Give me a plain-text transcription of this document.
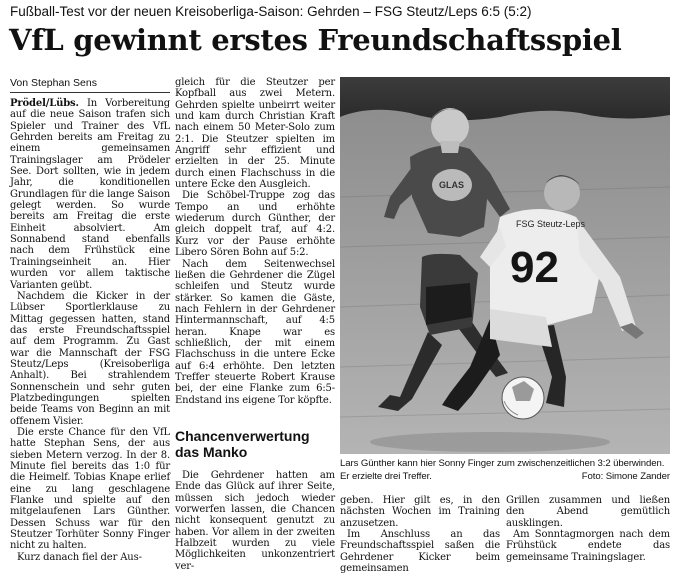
Fußball-Test vor der neuen Kreisoberliga-Saison: Gehrden – FSG Steutz/Leps 6:5 (5:2)
VfL gewinnt erstes Freundschaftsspiel
Von Stephan Sens

Prödel/Lübs. In Vorbereitung auf die neue Saison trafen sich Spieler und Trainer des VfL Gehrden bereits am Freitag zu einem gemeinsamen Trainingslager am Prödeler See. Dort sollten, wie in jedem Jahr, die konditionellen Grundlagen für die lange Saison gelegt werden. So wurde bereits am Freitag die erste Einheit absolviert. Am Sonnabend stand ebenfalls nach dem Frühstück eine Trainingseinheit an. Hier wurden vor allem taktische Varianten geübt.

Nachdem die Kicker in der Lübser Sportlerklause zu Mittag gegessen hatten, stand das erste Freundschaftsspiel auf dem Programm. Zu Gast war die Mannschaft der FSG Steutz/Leps (Kreisoberliga Anhalt). Bei strahlendem Sonnenschein und sehr guten Platzbedingungen spielten beide Teams von Beginn an mit offenem Visier.

Die erste Chance für den VfL hatte Stephan Sens, der aus sieben Metern verzog. In der 8. Minute fiel bereits das 1:0 für die Heimelf. Tobias Knape erlief eine zu lang geschlagene Flanke und spielte auf den mitgelaufenen Lars Günther. Dessen Schuss war für den Steutzer Torhüter Sonny Finger nicht zu halten.

Kurz danach fiel der Aus-

gleich für die Steutzer per Kopfball aus zwei Metern. Gehrden spielte unbeirrt weiter und kam durch Christian Kraft nach einem 50 Meter-Solo zum 2:1. Die Steutzer spielten im Angriff sehr effizient und erzielten in der 25. Minute durch einen Flachschuss in die untere Ecke den Ausgleich.

Die Schöbel-Truppe zog das Tempo an und erhöhte wiederum durch Günther, der gleich doppelt traf, auf 4:2. Kurz vor der Pause erhöhte Libero Sören Bohn auf 5:2.

Nach dem Seitenwechsel ließen die Gehrdener die Zügel schleifen und Steutz wurde stärker. So kamen die Gäste, nach Fehlern in der Gehrdener Hintermannschaft, auf 4:5 heran. Knape war es schließlich, der mit einem Flachschuss in die untere Ecke auf 6:4 erhöhte. Den letzten Treffer steuerte Robert Krause bei, der eine Flanke zum 6:5-Endstand ins eigene Tor köpfte.

Chancenverwertung das Manko

Die Gehrdener hatten am Ende das Glück auf ihrer Seite, müssen sich jedoch wieder vorwerfen lassen, die Chancen nicht konsequent genutzt zu haben. Vor allem in der zweiten Halbzeit wurden zu viele Möglichkeiten unkonzentriert ver-

geben. Hier gilt es, in den nächsten Wochen im Training anzusetzen.

Im Anschluss an das Freundschaftsspiel saßen die Gehrdener Kicker beim gemeinsamen

Grillen zusammen und ließen den Abend gemütlich ausklingen.

Am Sonntagmorgen nach dem Frühstück endete das gemeinsame Trainingslager.

GLAS
92
FSG Steutz-Leps
Lars Günther kann hier Sonny Finger zum zwischenzeitlichen 3:2 überwinden. Er erzielte drei Treffer.	Foto: Simone Zander
